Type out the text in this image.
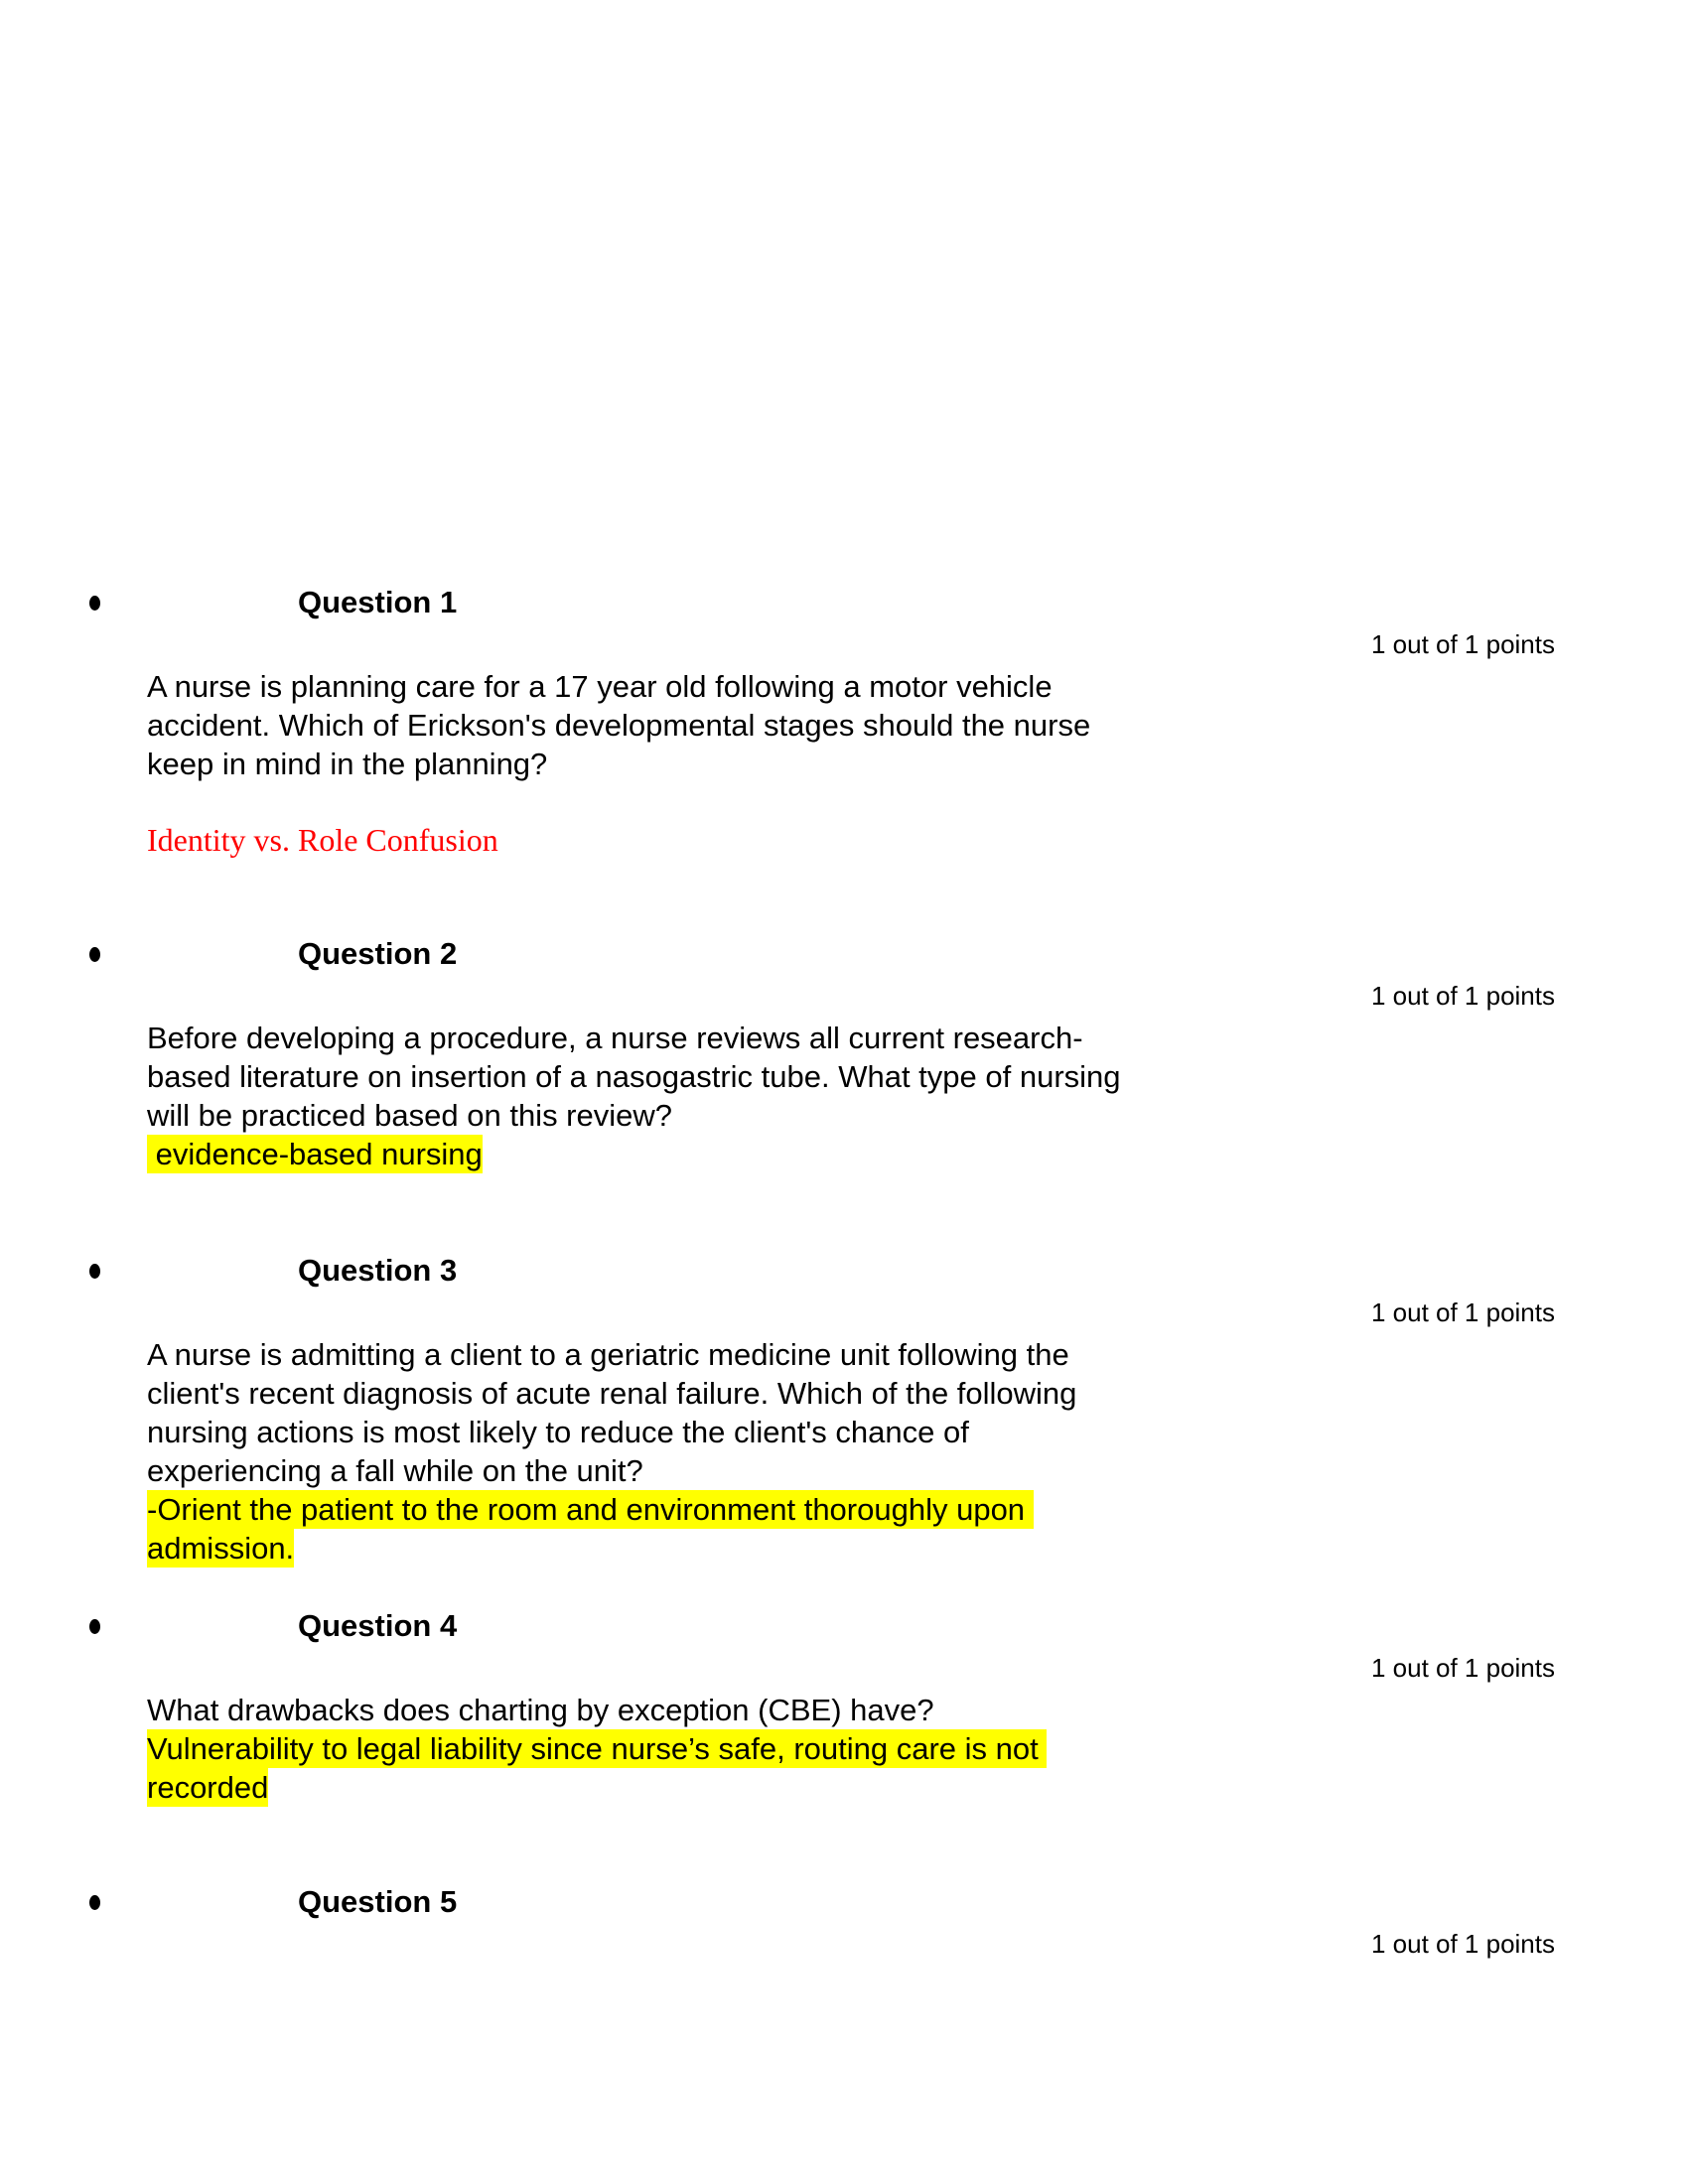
Question 1
1 out of 1 points
A nurse is planning care for a 17 year old following a motor vehicle
accident. Which of Erickson's developmental stages should the nurse
keep in mind in the planning?
Identity vs. Role Confusion
Question 2
1 out of 1 points
Before developing a procedure, a nurse reviews all current research-
based literature on insertion of a nasogastric tube. What type of nursing
will be practiced based on this review?
evidence-based nursing
Question 3
1 out of 1 points
A nurse is admitting a client to a geriatric medicine unit following the
client's recent diagnosis of acute renal failure. Which of the following
nursing actions is most likely to reduce the client's chance of
experiencing a fall while on the unit?
-Orient the patient to the room and environment thoroughly upon
admission.
Question 4
1 out of 1 points
What drawbacks does charting by exception (CBE) have?
Vulnerability to legal liability since nurse’s safe, routing care is not
recorded
Question 5
1 out of 1 points
